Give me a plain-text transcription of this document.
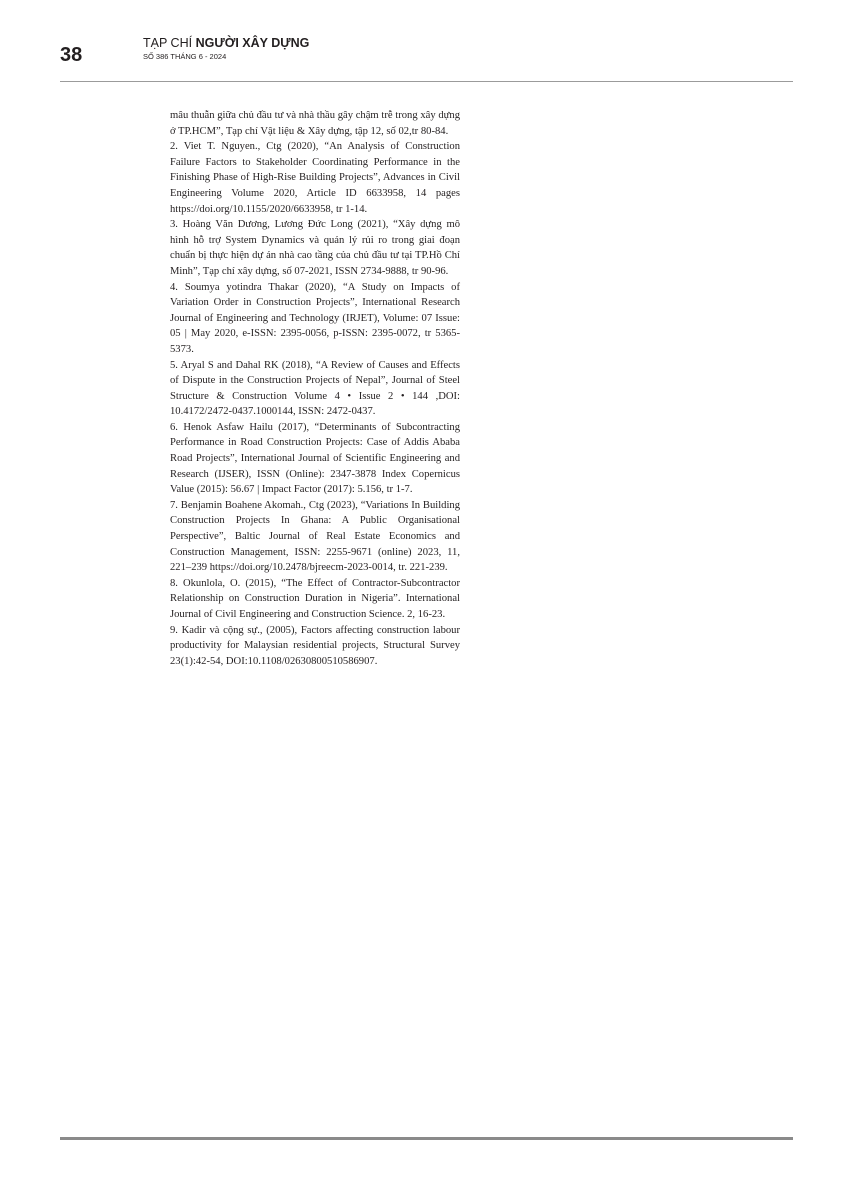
38
TẠP CHÍ NGƯỜI XÂY DỰNG
SỐ 386 THÁNG 6 - 2024

mâu thuẫn giữa chủ đầu tư và nhà thầu gây chậm trễ trong xây dựng ở TP.HCM”, Tạp chí Vật liệu & Xây dựng, tập 12, số 02,tr 80-84.

2. Viet T. Nguyen., Ctg (2020), “An Analysis of Construction Failure Factors to Stakeholder Coordinating Performance in the Finishing Phase of High-Rise Building Projects”, Advances in Civil Engineering Volume 2020, Article ID 6633958, 14 pages https://doi.org/10.1155/2020/6633958, tr 1-14.

3. Hoàng Văn Dương, Lương Đức Long (2021), “Xây dựng mô hình hỗ trợ System Dynamics và quản lý rủi ro trong giai đoạn chuẩn bị thực hiện dự án nhà cao tầng của chủ đầu tư tại TP.Hồ Chí Minh”, Tạp chí xây dựng, số 07-2021, ISSN 2734-9888, tr 90-96.

4. Soumya yotindra Thakar (2020), “A Study on Impacts of Variation Order in Construction Projects”, International Research Journal of Engineering and Technology (IRJET), Volume: 07 Issue: 05 | May 2020, e-ISSN: 2395-0056, p-ISSN: 2395-0072, tr 5365-5373.

5. Aryal S and Dahal RK (2018), “A Review of Causes and Effects of Dispute in the Construction Projects of Nepal”, Journal of Steel Structure & Construction Volume 4 • Issue 2 • 144 ,DOI: 10.4172/2472-0437.1000144, ISSN: 2472-0437.

6. Henok Asfaw Hailu (2017), “Determinants of Subcontracting Performance in Road Construction Projects: Case of Addis Ababa Road Projects”, International Journal of Scientific Engineering and Research (IJSER), ISSN (Online): 2347-3878 Index Copernicus Value (2015): 56.67 | Impact Factor (2017): 5.156, tr 1-7.

7. Benjamin Boahene Akomah., Ctg (2023), “Variations In Building Construction Projects In Ghana: A Public Organisational Perspective”, Baltic Journal of Real Estate Economics and Construction Management, ISSN: 2255-9671 (online) 2023, 11, 221–239 https://doi.org/10.2478/bjreecm-2023-0014, tr. 221-239.

8. Okunlola, O. (2015), “The Effect of Contractor-Subcontractor Relationship on Construction Duration in Nigeria”. International Journal of Civil Engineering and Construction Science. 2, 16-23.

9. Kadir và cộng sự., (2005), Factors affecting construction labour productivity for Malaysian residential projects, Structural Survey 23(1):42-54, DOI:10.1108/02630800510586907.
